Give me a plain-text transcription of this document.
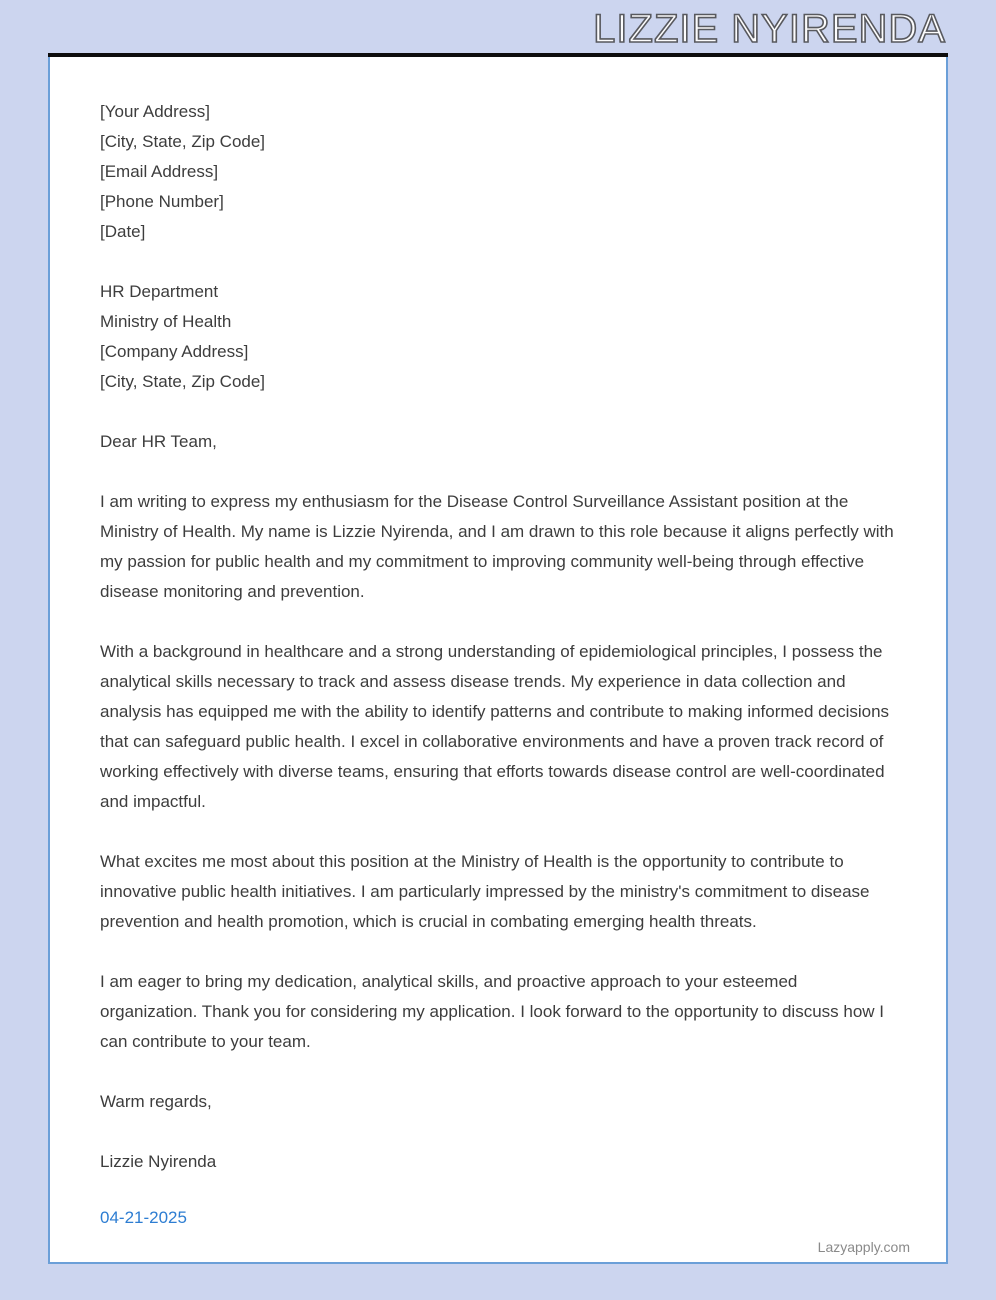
LIZZIE NYIRENDA
[Your Address]
[City, State, Zip Code]
[Email Address]
[Phone Number]
[Date]
HR Department
Ministry of Health
[Company Address]
[City, State, Zip Code]
Dear HR Team,
I am writing to express my enthusiasm for the Disease Control Surveillance Assistant position at the Ministry of Health. My name is Lizzie Nyirenda, and I am drawn to this role because it aligns perfectly with my passion for public health and my commitment to improving community well-being through effective disease monitoring and prevention.
With a background in healthcare and a strong understanding of epidemiological principles, I possess the analytical skills necessary to track and assess disease trends. My experience in data collection and analysis has equipped me with the ability to identify patterns and contribute to making informed decisions that can safeguard public health. I excel in collaborative environments and have a proven track record of working effectively with diverse teams, ensuring that efforts towards disease control are well-coordinated and impactful.
What excites me most about this position at the Ministry of Health is the opportunity to contribute to innovative public health initiatives. I am particularly impressed by the ministry's commitment to disease prevention and health promotion, which is crucial in combating emerging health threats.
I am eager to bring my dedication, analytical skills, and proactive approach to your esteemed organization. Thank you for considering my application. I look forward to the opportunity to discuss how I can contribute to your team.
Warm regards,
Lizzie Nyirenda
04-21-2025
Lazyapply.com
